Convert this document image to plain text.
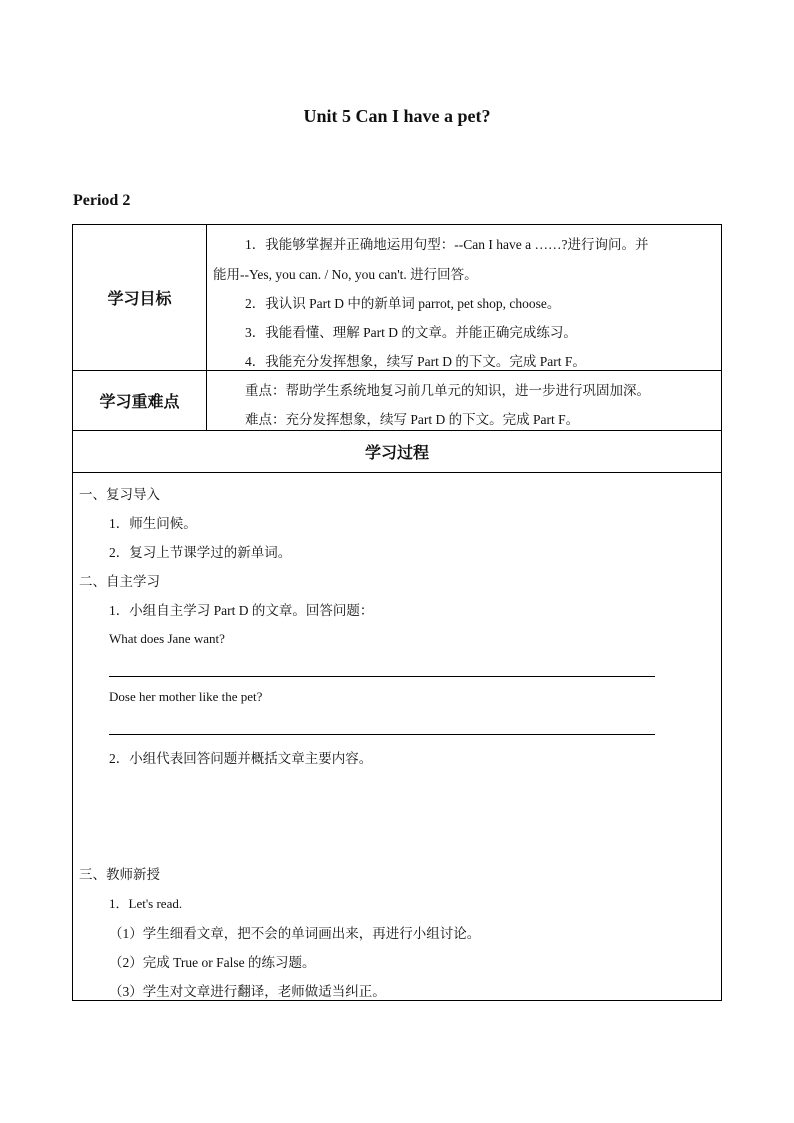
Unit 5 Can I have a pet?
Period 2
学习目标
1．我能够掌握并正确地运用句型：--Can I have a ……?进行询问。并
能用--Yes, you can. / No, you can't. 进行回答。
2．我认识 Part D 中的新单词 parrot, pet shop, choose。
3．我能看懂、理解 Part D 的文章。并能正确完成练习。
4．我能充分发挥想象，续写 Part D 的下文。完成 Part F。
学习重难点
重点：帮助学生系统地复习前几单元的知识，进一步进行巩固加深。
难点：充分发挥想象，续写 Part D 的下文。完成 Part F。
学习过程
一、复习导入
1．师生问候。
2．复习上节课学过的新单词。
二、自主学习
1．小组自主学习 Part D 的文章。回答问题：
What does Jane want?
Dose her mother like the pet?
2．小组代表回答问题并概括文章主要内容。
三、教师新授
1．Let's read.
（1）学生细看文章，把不会的单词画出来，再进行小组讨论。
（2）完成 True or False 的练习题。
（3）学生对文章进行翻译，老师做适当纠正。
